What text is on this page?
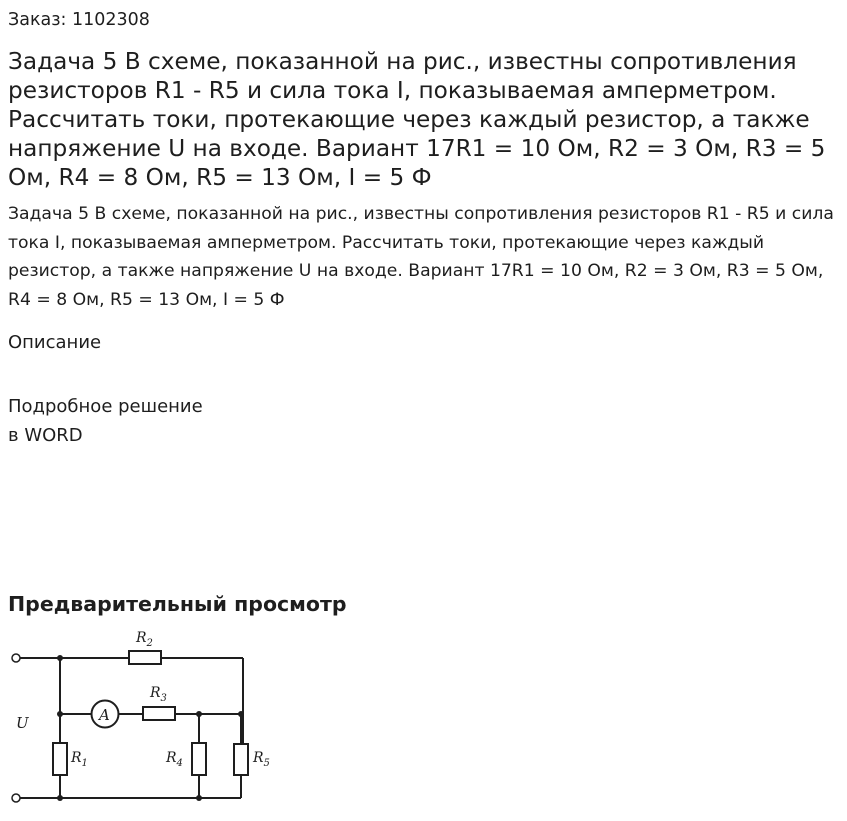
Заказ: 1102308
Задача 5 В схеме, показанной на рис., известны сопротивления резисторов R1 - R5 и сила тока I, показываемая амперметром. Рассчитать токи, протекающие через каждый резистор, а также напряжение U на входе. Вариант 17R1 = 10 Ом, R2 = 3 Ом, R3 = 5 Ом, R4 = 8 Ом, R5 = 13 Ом, I = 5 Ф
Задача 5 В схеме, показанной на рис., известны сопротивления резисторов R1 - R5 и сила тока I, показываемая амперметром. Рассчитать токи, протекающие через каждый резистор, а также напряжение U на входе. Вариант 17R1 = 10 Ом, R2 = 3 Ом, R3 = 5 Ом, R4 = 8 Ом, R5 = 13 Ом, I = 5 Ф
Описание
Подробное решение
в WORD
Предварительный просмотр
A
U
$R_2$
$R_3$
$R_1$	$R_4$	$R_5$
